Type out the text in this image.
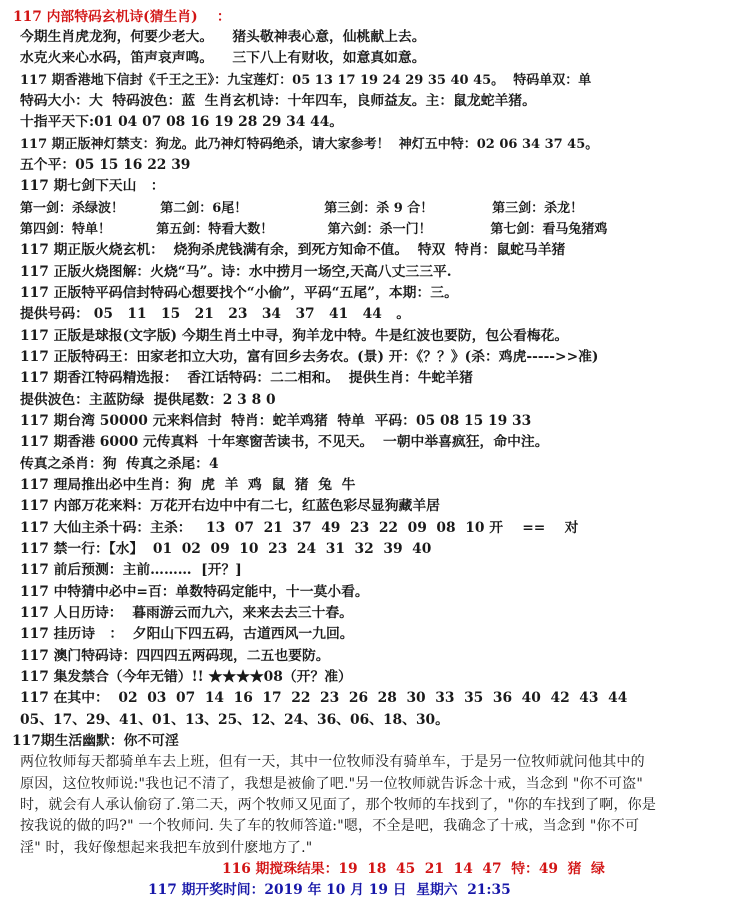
117 内部特码玄机诗(猜生肖)    ：
今期生肖虎龙狗，何要少老大。    猪头敬神表心意，仙桃献上去。
水克火来心水码，笛声哀声鸣。    三下八上有财收，如意真如意。
117 期香港地下信封《千王之王》：九宝莲灯：05 13 17 19 24 29 35 40 45。  特码单双：单
特码大小：大  特码波色：蓝  生肖玄机诗：十年四车，良师益友。主：鼠龙蛇羊猪。
十指平天下:01 04 07 08 16 19 28 29 34 44。
117 期正版神灯禁支：狗龙。此乃神灯特码绝杀，请大家参考！  神灯五中特：02 06 34 37 45。
五个平：05 15 16 22 39
117 期七剑下天山   ：
第一剑：杀绿波！        第二剑：6尾！                 第三剑：杀 9 合！             第三剑：杀龙！
第四剑：特单！          第五剑：特看大数！            第六剑：杀一门！             第七剑：看马兔猪鸡
117 期正版火烧玄机：  烧狗杀虎钱满有余，到死方知命不值。  特双  特肖：鼠蛇马羊猪
117 正版火烧图解：火烧“马”。诗：水中捞月一场空,天高八丈三三平.
117 正版特平码信封特码心想要找个“小偷”，平码“五尾”，本期：三。
提供号码： 05   11   15   21   23   34   37   41   44   。
117 正版是球报(文字版) 今期生肖土中寻，狗羊龙中特。牛是红波也要防，包公看梅花。
117 正版特码王：田家老扣立大功，富有回乡去务农。(景) 开：《？？》(杀：鸡虎----->>准)
117 期香江特码精选报：  香江话特码：二二相和。  提供生肖：牛蛇羊猪
提供波色：主蓝防绿  提供尾数：2 3 8 0
117 期台湾 50000 元来料信封  特肖：蛇羊鸡猪  特单  平码：05 08 15 19 33
117 期香港 6000 元传真料  十年寒窗苦读书，不见天。  一朝中举喜疯狂，命中注。
传真之杀肖：狗  传真之杀尾：4
117 理局推出必中生肖：狗  虎  羊  鸡  鼠  猪  兔  牛
117 内部万花来料：万花开右边中中有二七，红蓝色彩尽显狗藏羊居
117 大仙主杀十码：主杀：   13  07  21  37  49  23  22  09  08  10 开    ==    对
117 禁一行：【水】  01  02  09  10  23  24  31  32  39  40
117 前后预测：主前………  [开？]
117 中特猜中必中=百：单数特码定能中，十一莫小看。
117 人日历诗：  暮雨游云而九六，来来去去三十春。
117 挂历诗   ：  夕阳山下四五码，古道西风一九回。
117 澳门特码诗：四四四五两码现，二五也要防。
117 集发禁合（今年无错）!! ★★★★08（开？准）
117 在其中：  02  03  07  14  16  17  22  23  26  28  30  33  35  36  40  42  43  44
05、17、29、41、01、13、25、12、24、36、06、18、30。
117期生活幽默：你不可淫
两位牧师每天都骑单车去上班，但有一天，其中一位牧师没有骑单车，于是另一位牧师就问他其中的
原因，这位牧师说:"我也记不清了，我想是被偷了吧."另一位牧师就告诉念十戒，当念到 "你不可盗"
时，就会有人承认偷窃了.第二天，两个牧师又见面了，那个牧师的车找到了，"你的车找到了啊，你是
按我说的做的吗?" 一个牧师问. 失了车的牧师答道:"嗯，不全是吧，我确念了十戒，当念到 "你不可
淫" 时，我好像想起来我把车放到什麽地方了."
116 期搅珠结果：19  18  45  21  14  47  特：49  猪  绿
117 期开奖时间：2019 年 10 月 19 日  星期六  21:35
